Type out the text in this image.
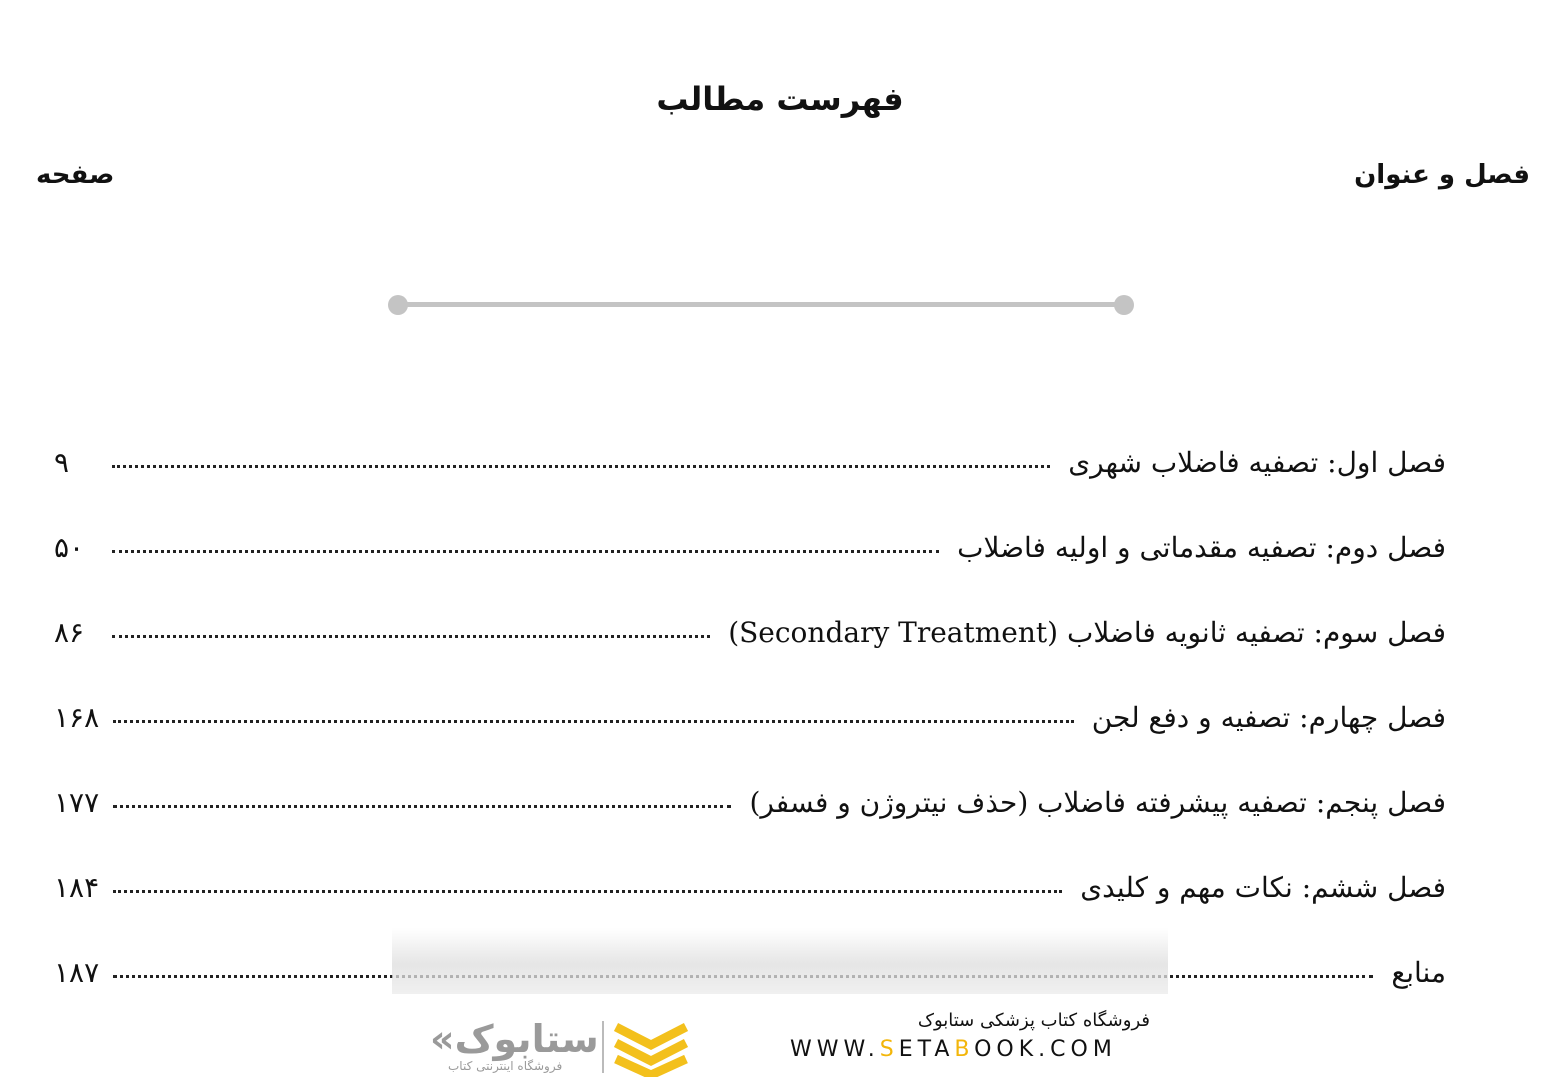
فهرست مطالب
فصل و عنوان
صفحه
فصل اول: تصفیه فاضلاب شهری
۹
فصل دوم: تصفیه مقدماتی و اولیه فاضلاب
۵۰
فصل سوم: تصفیه ثانویه فاضلاب (Secondary Treatment)
۸۶
فصل چهارم: تصفیه و دفع لجن
۱۶۸
فصل پنجم: تصفیه پیشرفته فاضلاب (حذف نیتروژن و فسفر)
۱۷۷
فصل ششم: نکات مهم و کلیدی
۱۸۴
منابع
۱۸۷
«ستابوک
فروشگاه اینترنتی کتاب
فروشگاه کتاب پزشکی ستابوک
WWW.SETABOOK.COM
